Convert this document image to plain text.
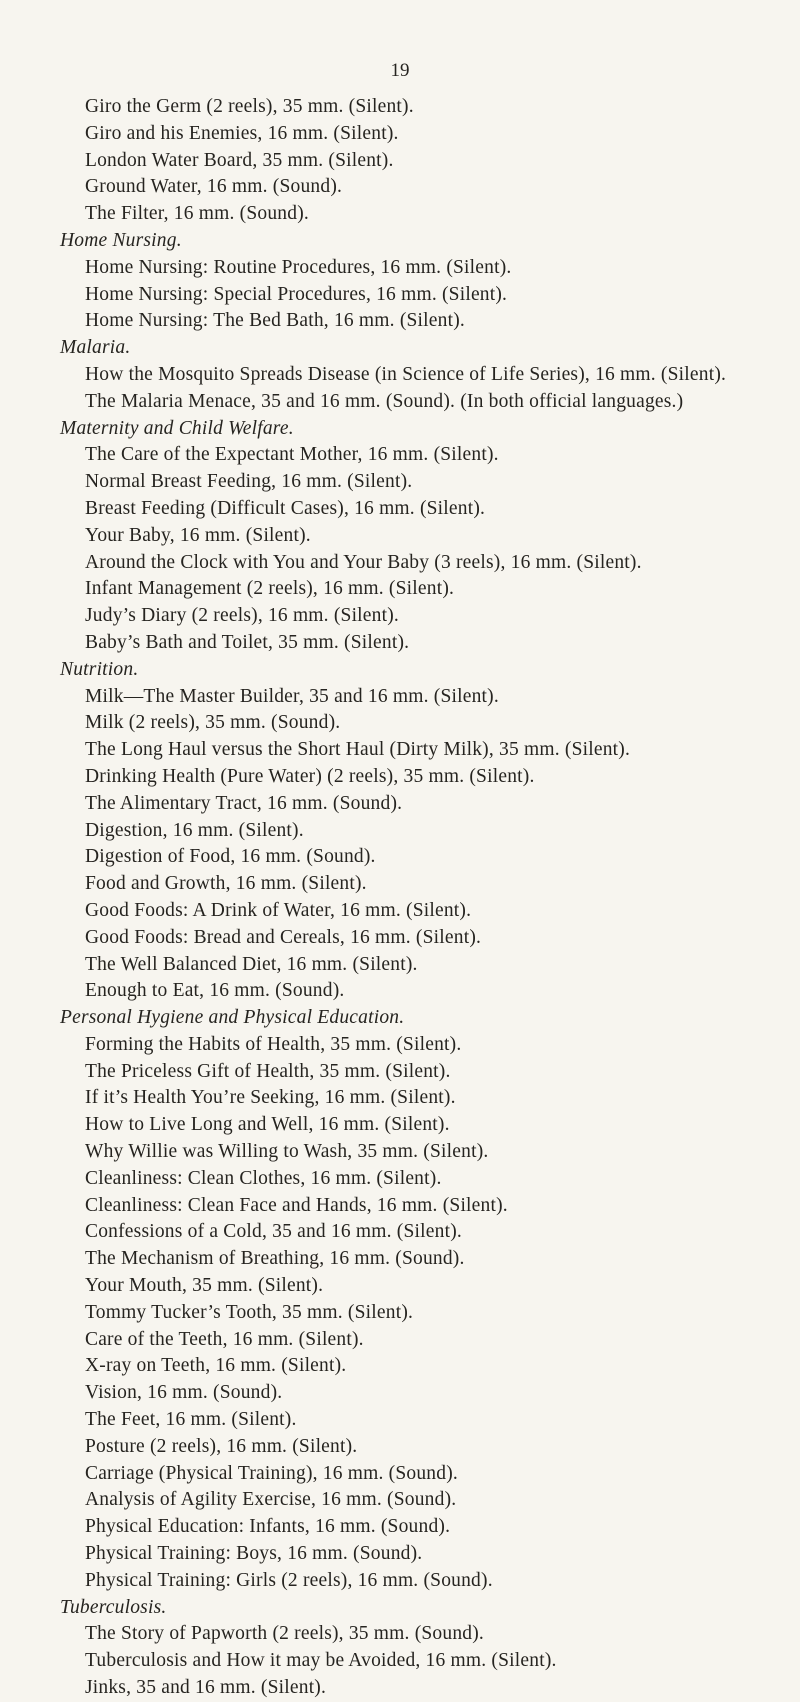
19
Giro the Germ (2 reels), 35 mm. (Silent).
Giro and his Enemies, 16 mm. (Silent).
London Water Board, 35 mm. (Silent).
Ground Water, 16 mm. (Sound).
The Filter, 16 mm. (Sound).
Home Nursing.
Home Nursing: Routine Procedures, 16 mm. (Silent).
Home Nursing: Special Procedures, 16 mm. (Silent).
Home Nursing: The Bed Bath, 16 mm. (Silent).
Malaria.
How the Mosquito Spreads Disease (in Science of Life Series), 16 mm. (Silent).
The Malaria Menace, 35 and 16 mm. (Sound). (In both official languages.)
Maternity and Child Welfare.
The Care of the Expectant Mother, 16 mm. (Silent).
Normal Breast Feeding, 16 mm. (Silent).
Breast Feeding (Difficult Cases), 16 mm. (Silent).
Your Baby, 16 mm. (Silent).
Around the Clock with You and Your Baby (3 reels), 16 mm. (Silent).
Infant Management (2 reels), 16 mm. (Silent).
Judy’s Diary (2 reels), 16 mm. (Silent).
Baby’s Bath and Toilet, 35 mm. (Silent).
Nutrition.
Milk—The Master Builder, 35 and 16 mm. (Silent).
Milk (2 reels), 35 mm. (Sound).
The Long Haul versus the Short Haul (Dirty Milk), 35 mm. (Silent).
Drinking Health (Pure Water) (2 reels), 35 mm. (Silent).
The Alimentary Tract, 16 mm. (Sound).
Digestion, 16 mm. (Silent).
Digestion of Food, 16 mm. (Sound).
Food and Growth, 16 mm. (Silent).
Good Foods: A Drink of Water, 16 mm. (Silent).
Good Foods: Bread and Cereals, 16 mm. (Silent).
The Well Balanced Diet, 16 mm. (Silent).
Enough to Eat, 16 mm. (Sound).
Personal Hygiene and Physical Education.
Forming the Habits of Health, 35 mm. (Silent).
The Priceless Gift of Health, 35 mm. (Silent).
If it’s Health You’re Seeking, 16 mm. (Silent).
How to Live Long and Well, 16 mm. (Silent).
Why Willie was Willing to Wash, 35 mm. (Silent).
Cleanliness: Clean Clothes, 16 mm. (Silent).
Cleanliness: Clean Face and Hands, 16 mm. (Silent).
Confessions of a Cold, 35 and 16 mm. (Silent).
The Mechanism of Breathing, 16 mm. (Sound).
Your Mouth, 35 mm. (Silent).
Tommy Tucker’s Tooth, 35 mm. (Silent).
Care of the Teeth, 16 mm. (Silent).
X-ray on Teeth, 16 mm. (Silent).
Vision, 16 mm. (Sound).
The Feet, 16 mm. (Silent).
Posture (2 reels), 16 mm. (Silent).
Carriage (Physical Training), 16 mm. (Sound).
Analysis of Agility Exercise, 16 mm. (Sound).
Physical Education: Infants, 16 mm. (Sound).
Physical Training: Boys, 16 mm. (Sound).
Physical Training: Girls (2 reels), 16 mm. (Sound).
Tuberculosis.
The Story of Papworth (2 reels), 35 mm. (Sound).
Tuberculosis and How it may be Avoided, 16 mm. (Silent).
Jinks, 35 and 16 mm. (Silent).
